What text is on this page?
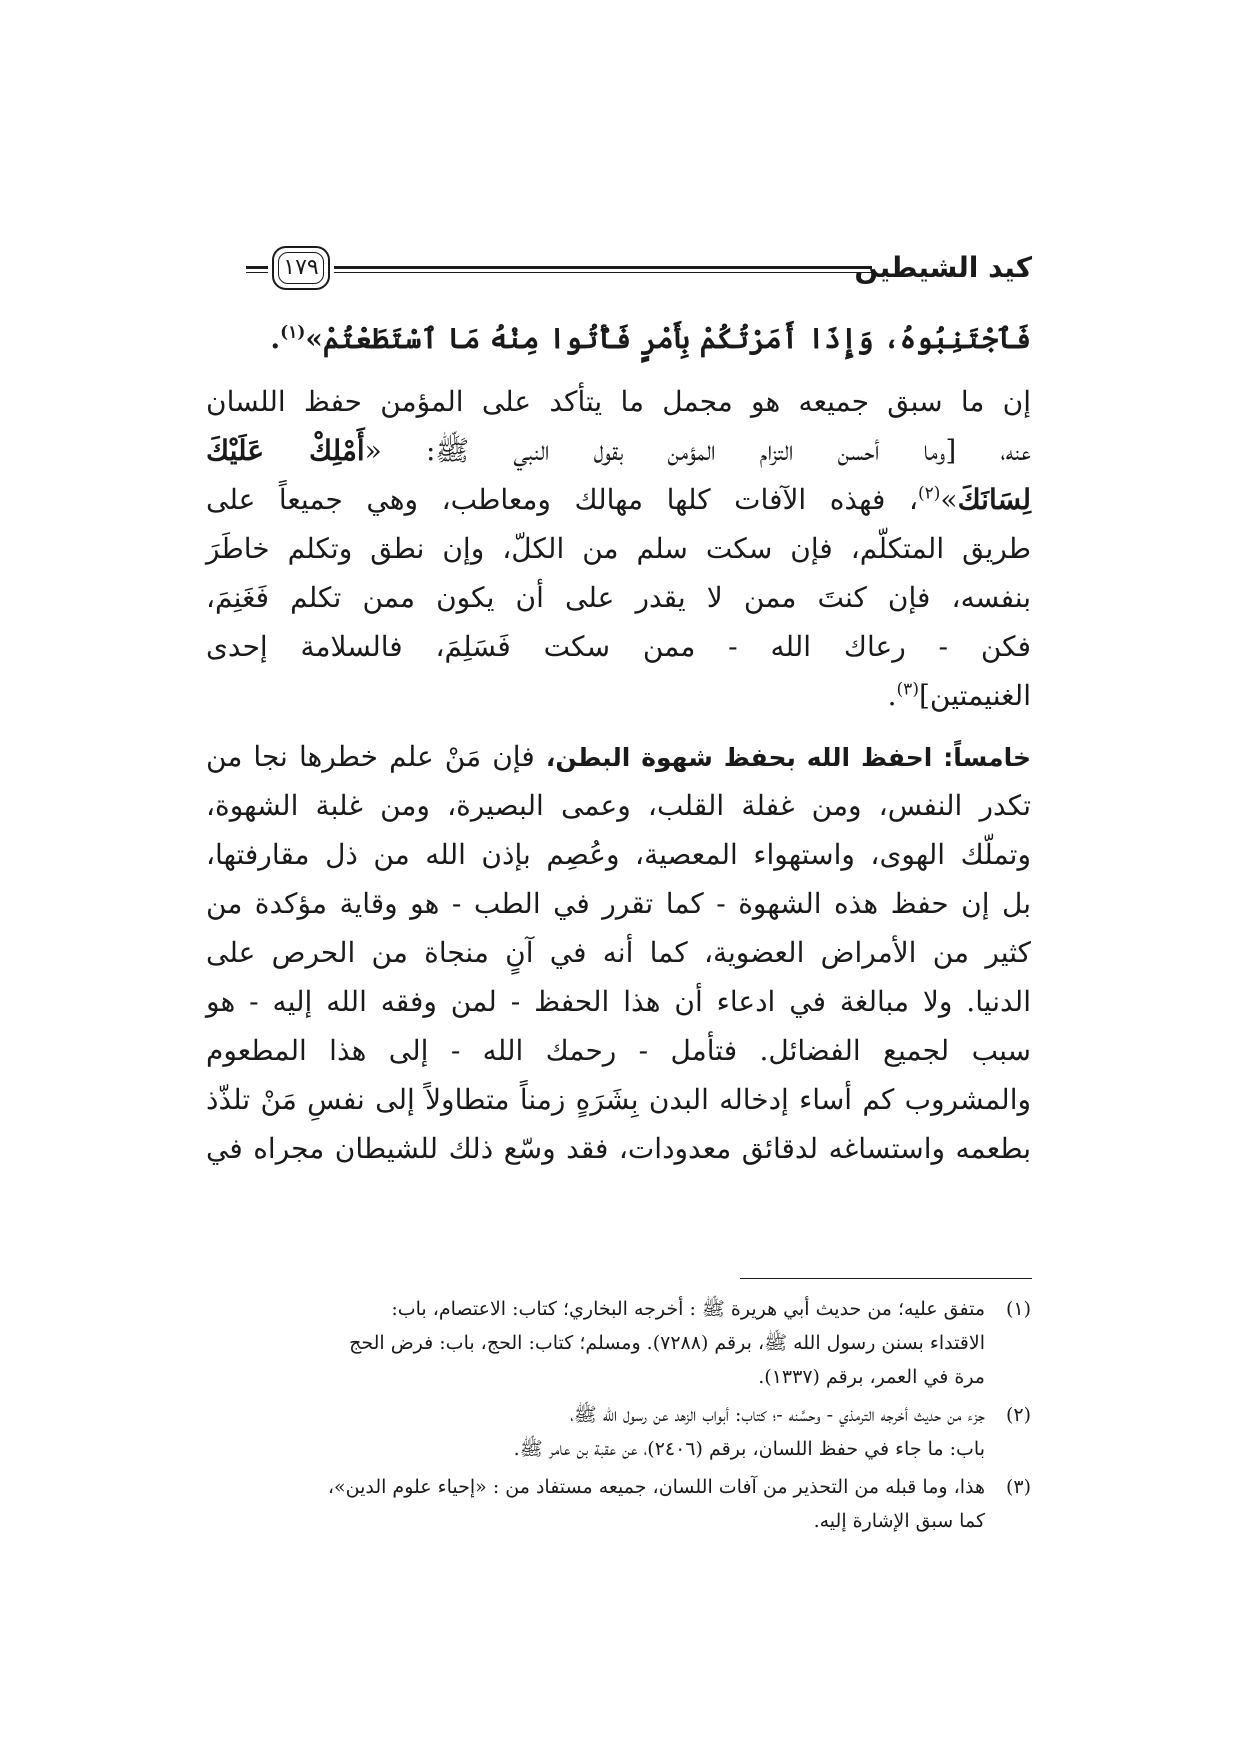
كيد الشيطين
١٧٩
فَٱجْتَنِبُوهُ، وَإِذَا أَمَرْتُكُمْ بِأَمْرٍ فَأْتُوا مِنْهُ مَا ٱسْتَطَعْتُمْ»$^{(١)}$.
إن ما سبق جميعه هو مجمل ما يتأكد على المؤمن حفظ اللسان
عنه، [وما أحسن التزام المؤمن بقول النبي ﷺ: «أَمْلِكْ عَلَيْكَ
لِسَانَكَ»$^{(٢)}$، فهذه الآفات كلها مهالك ومعاطب، وهي جميعاً على
طريق المتكلّم، فإن سكت سلم من الكلّ، وإن نطق وتكلم خاطَرَ
بنفسه، فإن كنتَ ممن لا يقدر على أن يكون ممن تكلم فَغَنِمَ،
فكن - رعاك الله - ممن سكت فَسَلِمَ، فالسلامة إحدى
الغنيمتين]$^{(٣)}$.
خامساً: احفظ الله بحفظ شهوة البطن، فإن مَنْ علم خطرها نجا من
تكدر النفس، ومن غفلة القلب، وعمى البصيرة، ومن غلبة الشهوة،
وتملّك الهوى، واستهواء المعصية، وعُصِم بإذن الله من ذل مقارفتها،
بل إن حفظ هذه الشهوة - كما تقرر في الطب - هو وقاية مؤكدة من
كثير من الأمراض العضوية، كما أنه في آنٍ منجاة من الحرص على
الدنيا. ولا مبالغة في ادعاء أن هذا الحفظ - لمن وفقه الله إليه - هو
سبب لجميع الفضائل. فتأمل - رحمك الله - إلى هذا المطعوم
والمشروب كم أساء إدخاله البدن بِشَرَهٍ زمناً متطاولاً إلى نفسِ مَنْ تلذّذ
بطعمه واستساغه لدقائق معدودات، فقد وسّع ذلك للشيطان مجراه في
(١)
متفق عليه؛ من حديث أبي هريرة ﷺ : أخرجه البخاري؛ كتاب: الاعتصام، باب:
الاقتداء بسنن رسول الله ﷺ، برقم (٧٢٨٨). ومسلم؛ كتاب: الحج، باب: فرض الحج
مرة في العمر، برقم (١٣٣٧).
(٢)
جزء من حديث أخرجه الترمذي - وحسَّنه -؛ كتاب: أبواب الزهد عن رسول الله ﷺ،
باب: ما جاء في حفظ اللسان، برقم (٢٤٠٦)، عن عقبة بن عامر ﷺ.
(٣)
هذا، وما قبله من التحذير من آفات اللسان، جميعه مستفاد من : «إحياء علوم الدين»،
كما سبق الإشارة إليه.
